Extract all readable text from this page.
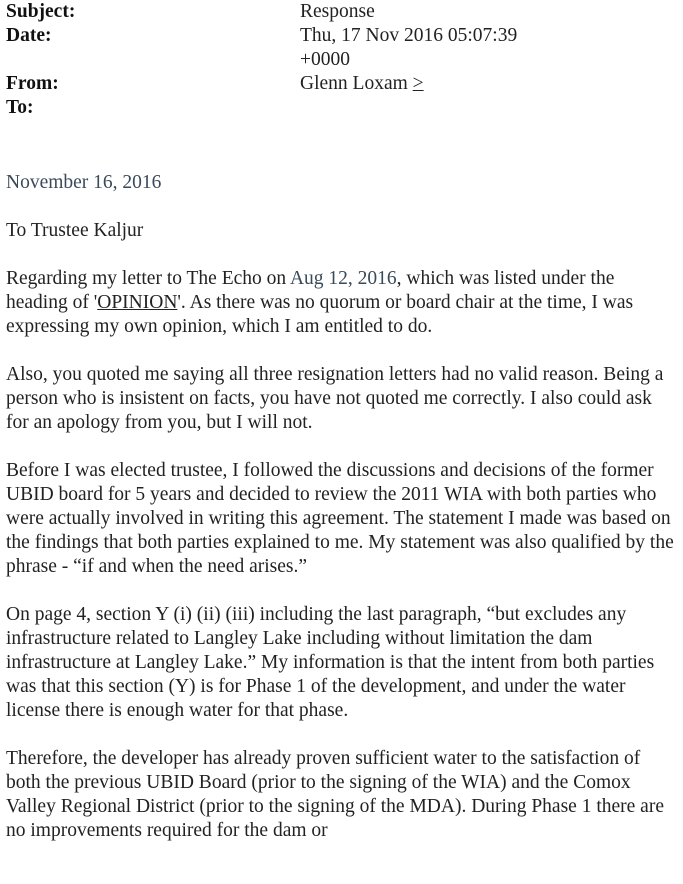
Subject:	Response
Date:	Thu, 17 Nov 2016 05:07:39
+0000
From:	Glenn Loxam >
To:

November 16, 2016

To Trustee Kaljur

Regarding my letter to The Echo on Aug 12, 2016, which was listed under the heading of 'OPINION'. As there was no quorum or board chair at the time, I was expressing my own opinion, which I am entitled to do.

Also, you quoted me saying all three resignation letters had no valid reason. Being a person who is insistent on facts, you have not quoted me correctly. I also could ask for an apology from you, but I will not.

Before I was elected trustee, I followed the discussions and decisions of the former UBID board for 5 years and decided to review the 2011 WIA with both parties who were actually involved in writing this agreement. The statement I made was based on the findings that both parties explained to me. My statement was also qualified by the phrase - “if and when the need arises.”

On page 4, section Y (i) (ii) (iii) including the last paragraph, “but excludes any infrastructure related to Langley Lake including without limitation the dam infrastructure at Langley Lake.” My information is that the intent from both parties was that this section (Y) is for Phase 1 of the development, and under the water license there is enough water for that phase.

Therefore, the developer has already proven sufficient water to the satisfaction of both the previous UBID Board (prior to the signing of the WIA) and the Comox Valley Regional District (prior to the signing of the MDA). During Phase 1 there are no improvements required for the dam or
